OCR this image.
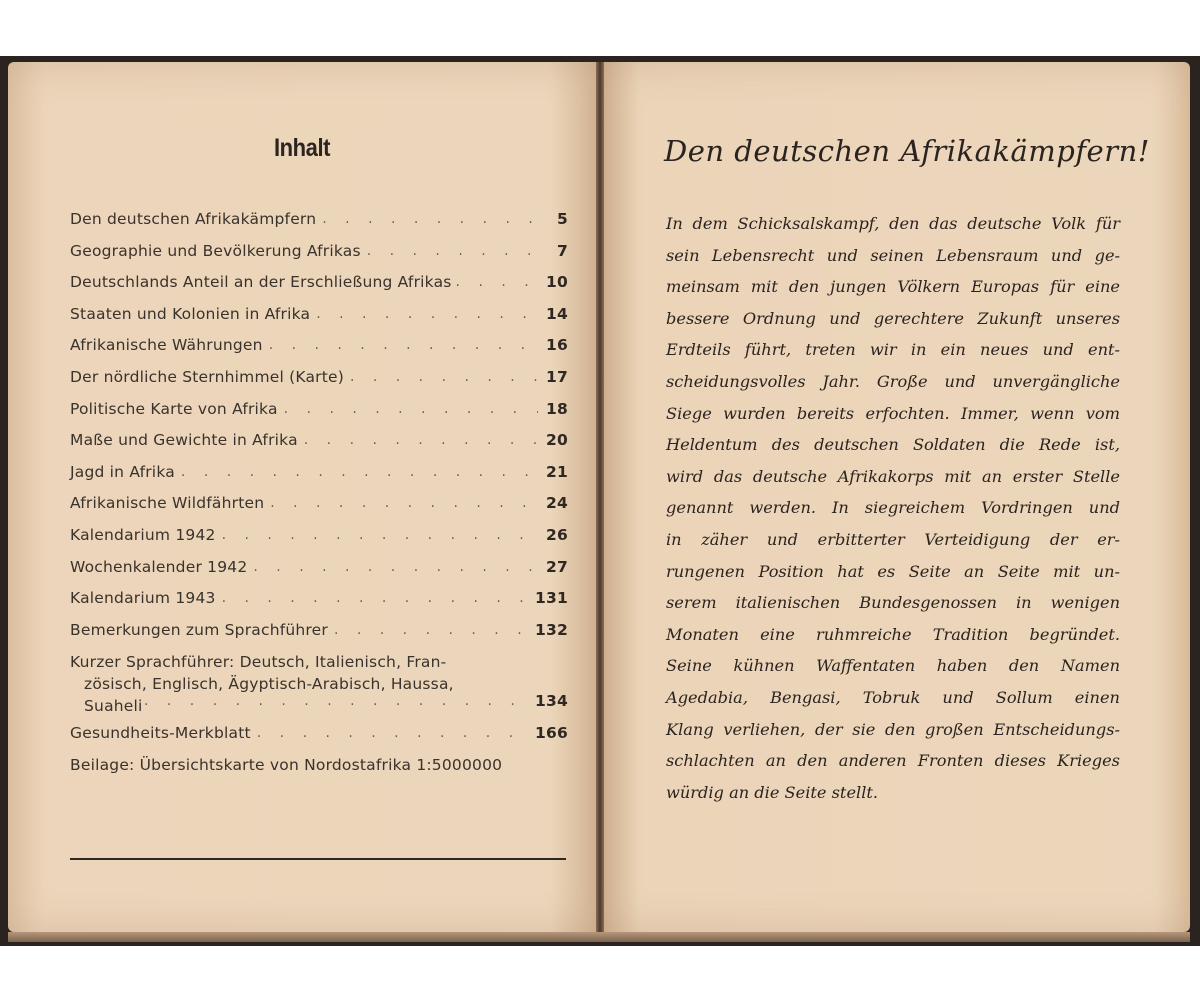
Inhalt
Den deutschen Afrikakämpfern . . .	5
Geographie und Bevölkerung Afrikas . . .	7
Deutschlands Anteil an der Erschließung Afrikas . . .	10
Staaten und Kolonien in Afrika . . .	14
Afrikanische Währungen . . .	16
Der nördliche Sternhimmel (Karte) . . .	17
Politische Karte von Afrika . . .	18
Maße und Gewichte in Afrika . . .	20
Jagd in Afrika . . .	21
Afrikanische Wildfährten . . .	24
Kalendarium 1942 . . .	26
Wochenkalender 1942 . . .	27
Kalendarium 1943 . . .	131
Bemerkungen zum Sprachführer . . .	132
Kurzer Sprachführer: Deutsch, Italienisch, Fran-
zösisch, Englisch, Ägyptisch-Arabisch, Haussa,
Suaheli . . .	134
Gesundheits-Merkblatt . . .	166
Beilage: Übersichtskarte von Nordostafrika 1:5000000
Den deutschen Afrikakämpfern!
In dem Schicksalskampf, den das deutsche Volk für
sein Lebensrecht und seinen Lebensraum und ge-
meinsam mit den jungen Völkern Europas für eine
bessere Ordnung und gerechtere Zukunft unseres
Erdteils führt, treten wir in ein neues und ent-
scheidungsvolles Jahr. Große und unvergängliche
Siege wurden bereits erfochten. Immer, wenn vom
Heldentum des deutschen Soldaten die Rede ist,
wird das deutsche Afrikakorps mit an erster Stelle
genannt werden. In siegreichem Vordringen und
in zäher und erbitterter Verteidigung der er-
rungenen Position hat es Seite an Seite mit un-
serem italienischen Bundesgenossen in wenigen
Monaten eine ruhmreiche Tradition begründet.
Seine kühnen Waffentaten haben den Namen
Agedabia, Bengasi, Tobruk und Sollum einen
Klang verliehen, der sie den großen Entscheidungs-
schlachten an den anderen Fronten dieses Krieges
würdig an die Seite stellt.
